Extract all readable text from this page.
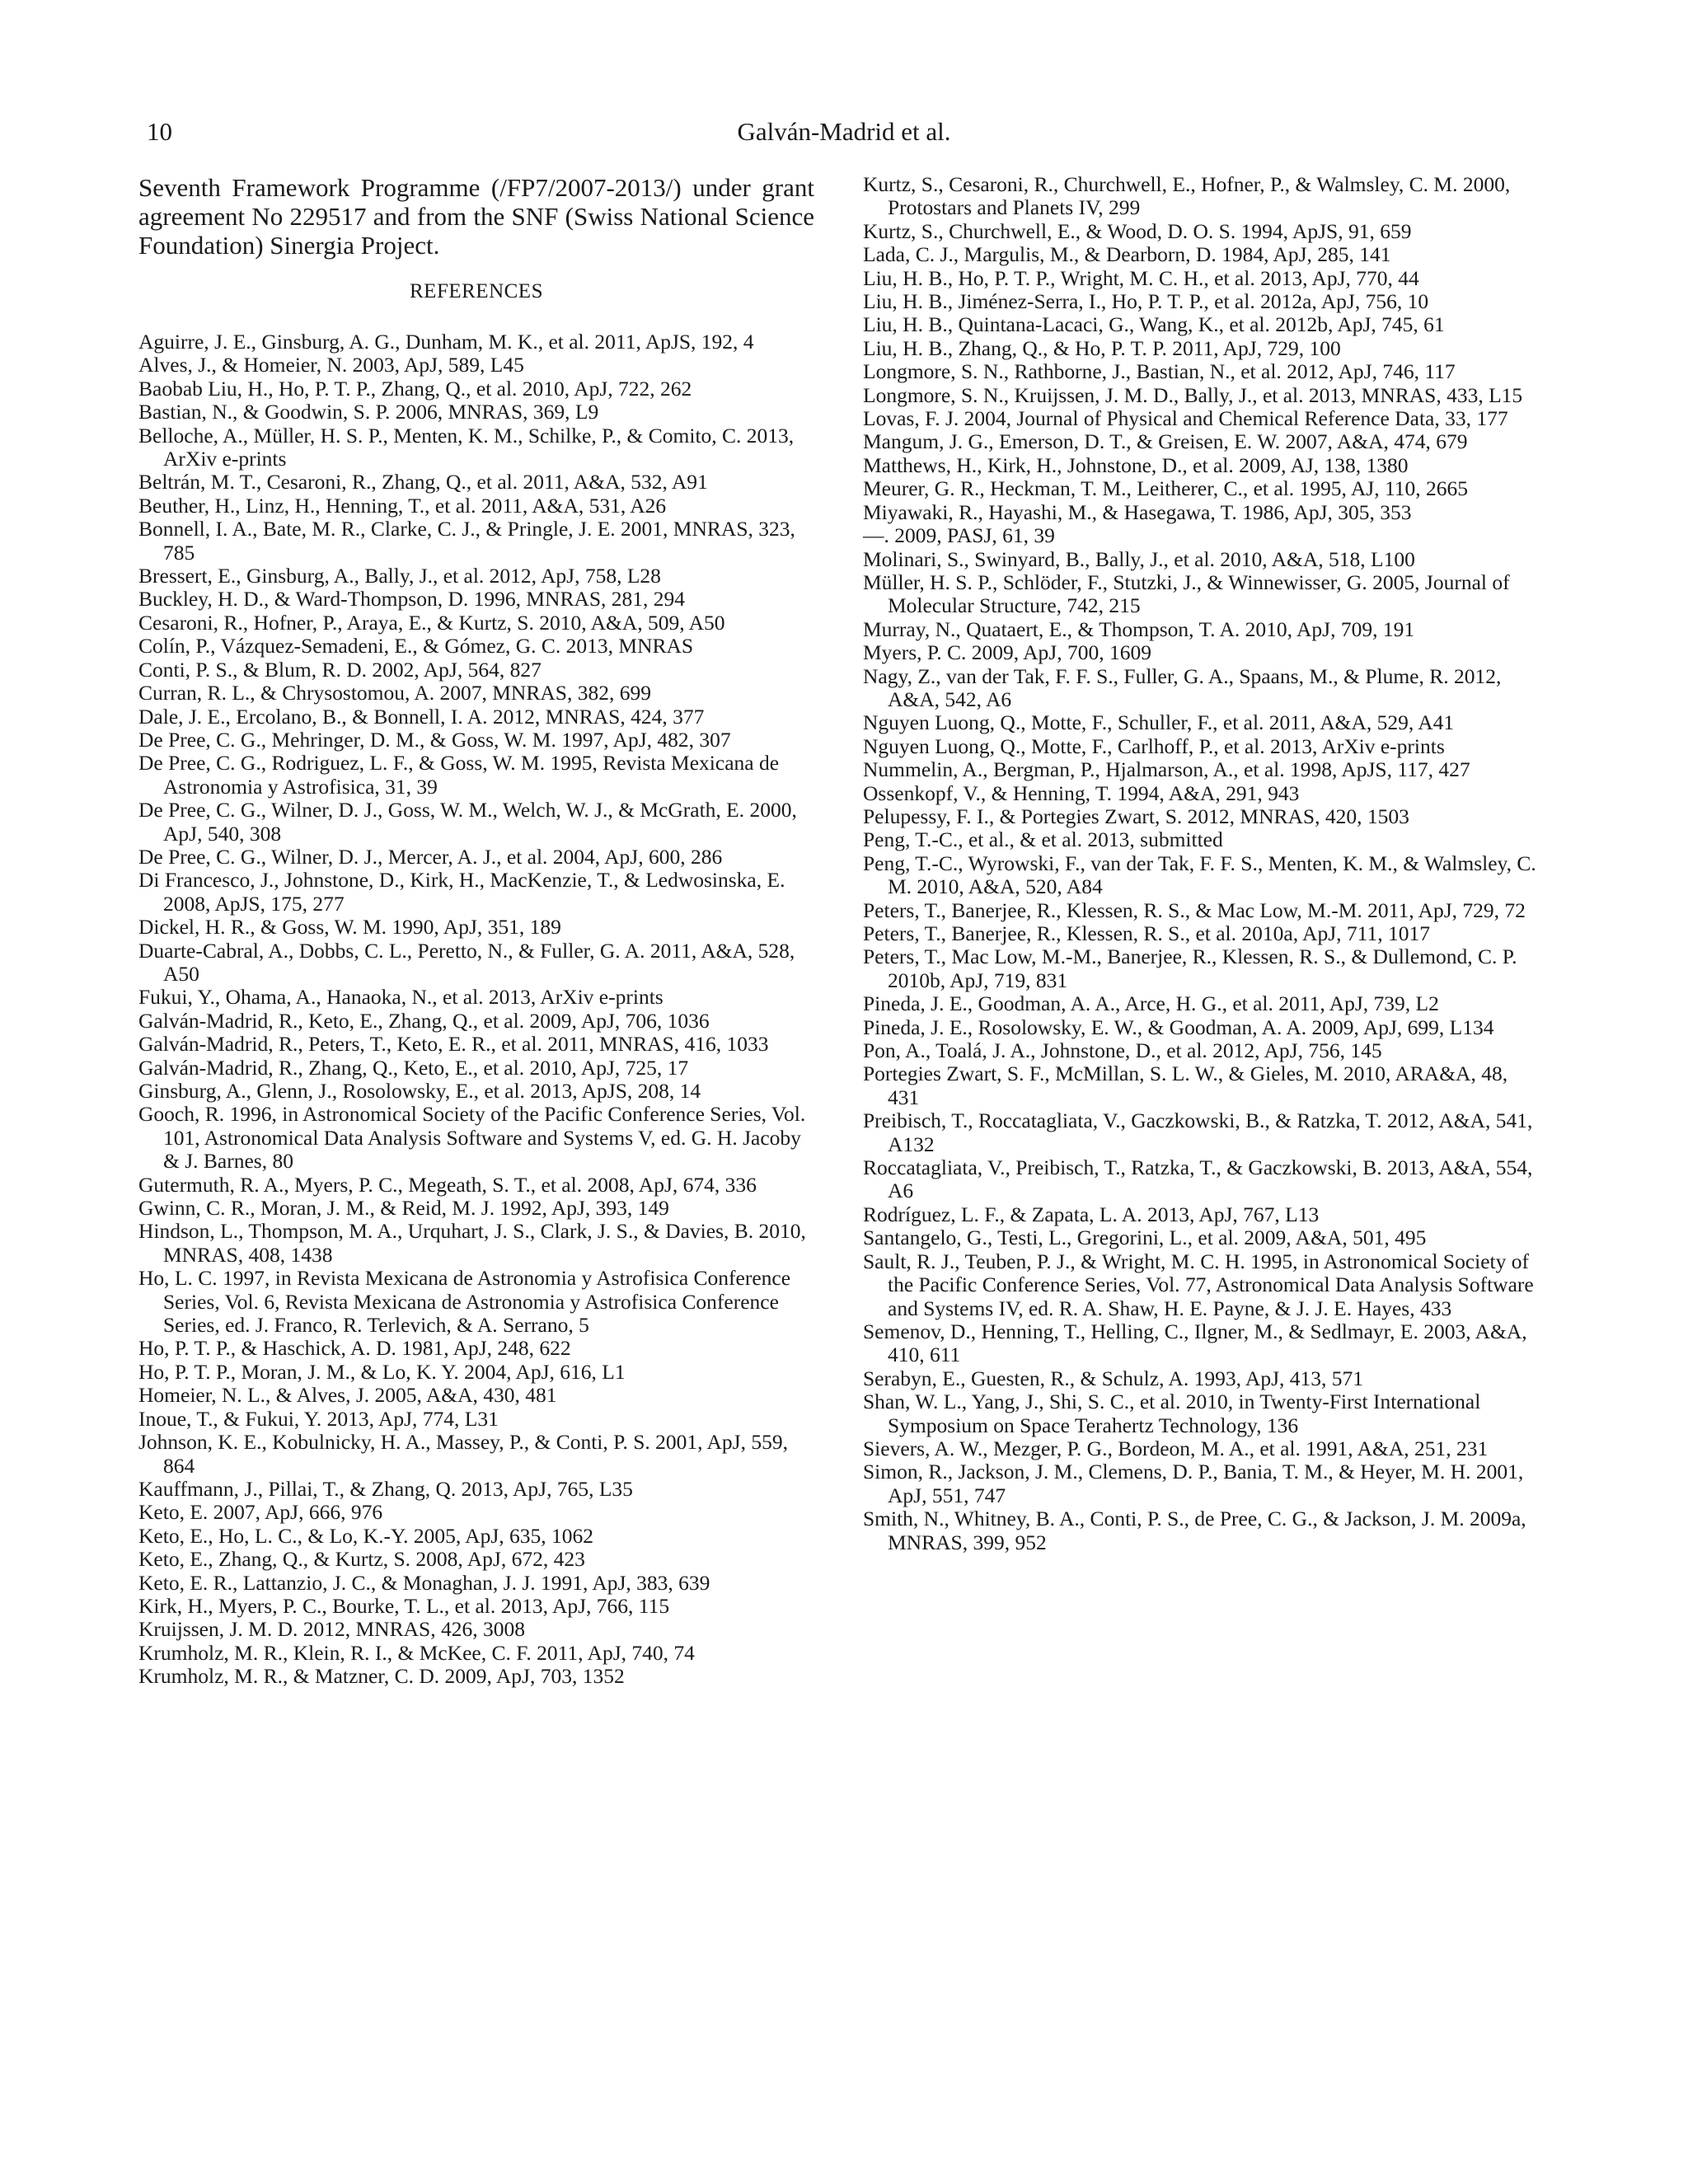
10	Galván-Madrid et al.

Seventh Framework Programme (/FP7/2007-2013/) under grant agreement No 229517 and from the SNF (Swiss National Science Foundation) Sinergia Project.

REFERENCES
Aguirre, J. E., Ginsburg, A. G., Dunham, M. K., et al. 2011, ApJS, 192, 4
Alves, J., & Homeier, N. 2003, ApJ, 589, L45
Baobab Liu, H., Ho, P. T. P., Zhang, Q., et al. 2010, ApJ, 722, 262
Bastian, N., & Goodwin, S. P. 2006, MNRAS, 369, L9
Belloche, A., Müller, H. S. P., Menten, K. M., Schilke, P., & Comito, C. 2013, ArXiv e-prints
Beltrán, M. T., Cesaroni, R., Zhang, Q., et al. 2011, A&A, 532, A91
Beuther, H., Linz, H., Henning, T., et al. 2011, A&A, 531, A26
Bonnell, I. A., Bate, M. R., Clarke, C. J., & Pringle, J. E. 2001, MNRAS, 323, 785
Bressert, E., Ginsburg, A., Bally, J., et al. 2012, ApJ, 758, L28
Buckley, H. D., & Ward-Thompson, D. 1996, MNRAS, 281, 294
Cesaroni, R., Hofner, P., Araya, E., & Kurtz, S. 2010, A&A, 509, A50
Colín, P., Vázquez-Semadeni, E., & Gómez, G. C. 2013, MNRAS
Conti, P. S., & Blum, R. D. 2002, ApJ, 564, 827
Curran, R. L., & Chrysostomou, A. 2007, MNRAS, 382, 699
Dale, J. E., Ercolano, B., & Bonnell, I. A. 2012, MNRAS, 424, 377
De Pree, C. G., Mehringer, D. M., & Goss, W. M. 1997, ApJ, 482, 307
De Pree, C. G., Rodriguez, L. F., & Goss, W. M. 1995, Revista Mexicana de Astronomia y Astrofisica, 31, 39
De Pree, C. G., Wilner, D. J., Goss, W. M., Welch, W. J., & McGrath, E. 2000, ApJ, 540, 308
De Pree, C. G., Wilner, D. J., Mercer, A. J., et al. 2004, ApJ, 600, 286
Di Francesco, J., Johnstone, D., Kirk, H., MacKenzie, T., & Ledwosinska, E. 2008, ApJS, 175, 277
Dickel, H. R., & Goss, W. M. 1990, ApJ, 351, 189
Duarte-Cabral, A., Dobbs, C. L., Peretto, N., & Fuller, G. A. 2011, A&A, 528, A50
Fukui, Y., Ohama, A., Hanaoka, N., et al. 2013, ArXiv e-prints
Galván-Madrid, R., Keto, E., Zhang, Q., et al. 2009, ApJ, 706, 1036
Galván-Madrid, R., Peters, T., Keto, E. R., et al. 2011, MNRAS, 416, 1033
Galván-Madrid, R., Zhang, Q., Keto, E., et al. 2010, ApJ, 725, 17
Ginsburg, A., Glenn, J., Rosolowsky, E., et al. 2013, ApJS, 208, 14
Gooch, R. 1996, in Astronomical Society of the Pacific Conference Series, Vol. 101, Astronomical Data Analysis Software and Systems V, ed. G. H. Jacoby & J. Barnes, 80
Gutermuth, R. A., Myers, P. C., Megeath, S. T., et al. 2008, ApJ, 674, 336
Gwinn, C. R., Moran, J. M., & Reid, M. J. 1992, ApJ, 393, 149
Hindson, L., Thompson, M. A., Urquhart, J. S., Clark, J. S., & Davies, B. 2010, MNRAS, 408, 1438
Ho, L. C. 1997, in Revista Mexicana de Astronomia y Astrofisica Conference Series, Vol. 6, Revista Mexicana de Astronomia y Astrofisica Conference Series, ed. J. Franco, R. Terlevich, & A. Serrano, 5
Ho, P. T. P., & Haschick, A. D. 1981, ApJ, 248, 622
Ho, P. T. P., Moran, J. M., & Lo, K. Y. 2004, ApJ, 616, L1
Homeier, N. L., & Alves, J. 2005, A&A, 430, 481
Inoue, T., & Fukui, Y. 2013, ApJ, 774, L31
Johnson, K. E., Kobulnicky, H. A., Massey, P., & Conti, P. S. 2001, ApJ, 559, 864
Kauffmann, J., Pillai, T., & Zhang, Q. 2013, ApJ, 765, L35
Keto, E. 2007, ApJ, 666, 976
Keto, E., Ho, L. C., & Lo, K.-Y. 2005, ApJ, 635, 1062
Keto, E., Zhang, Q., & Kurtz, S. 2008, ApJ, 672, 423
Keto, E. R., Lattanzio, J. C., & Monaghan, J. J. 1991, ApJ, 383, 639
Kirk, H., Myers, P. C., Bourke, T. L., et al. 2013, ApJ, 766, 115
Kruijssen, J. M. D. 2012, MNRAS, 426, 3008
Krumholz, M. R., Klein, R. I., & McKee, C. F. 2011, ApJ, 740, 74
Krumholz, M. R., & Matzner, C. D. 2009, ApJ, 703, 1352
Kurtz, S., Cesaroni, R., Churchwell, E., Hofner, P., & Walmsley, C. M. 2000, Protostars and Planets IV, 299
Kurtz, S., Churchwell, E., & Wood, D. O. S. 1994, ApJS, 91, 659
Lada, C. J., Margulis, M., & Dearborn, D. 1984, ApJ, 285, 141
Liu, H. B., Ho, P. T. P., Wright, M. C. H., et al. 2013, ApJ, 770, 44
Liu, H. B., Jiménez-Serra, I., Ho, P. T. P., et al. 2012a, ApJ, 756, 10
Liu, H. B., Quintana-Lacaci, G., Wang, K., et al. 2012b, ApJ, 745, 61
Liu, H. B., Zhang, Q., & Ho, P. T. P. 2011, ApJ, 729, 100
Longmore, S. N., Rathborne, J., Bastian, N., et al. 2012, ApJ, 746, 117
Longmore, S. N., Kruijssen, J. M. D., Bally, J., et al. 2013, MNRAS, 433, L15
Lovas, F. J. 2004, Journal of Physical and Chemical Reference Data, 33, 177
Mangum, J. G., Emerson, D. T., & Greisen, E. W. 2007, A&A, 474, 679
Matthews, H., Kirk, H., Johnstone, D., et al. 2009, AJ, 138, 1380
Meurer, G. R., Heckman, T. M., Leitherer, C., et al. 1995, AJ, 110, 2665
Miyawaki, R., Hayashi, M., & Hasegawa, T. 1986, ApJ, 305, 353
—. 2009, PASJ, 61, 39
Molinari, S., Swinyard, B., Bally, J., et al. 2010, A&A, 518, L100
Müller, H. S. P., Schlöder, F., Stutzki, J., & Winnewisser, G. 2005, Journal of Molecular Structure, 742, 215
Murray, N., Quataert, E., & Thompson, T. A. 2010, ApJ, 709, 191
Myers, P. C. 2009, ApJ, 700, 1609
Nagy, Z., van der Tak, F. F. S., Fuller, G. A., Spaans, M., & Plume, R. 2012, A&A, 542, A6
Nguyen Luong, Q., Motte, F., Schuller, F., et al. 2011, A&A, 529, A41
Nguyen Luong, Q., Motte, F., Carlhoff, P., et al. 2013, ArXiv e-prints
Nummelin, A., Bergman, P., Hjalmarson, A., et al. 1998, ApJS, 117, 427
Ossenkopf, V., & Henning, T. 1994, A&A, 291, 943
Pelupessy, F. I., & Portegies Zwart, S. 2012, MNRAS, 420, 1503
Peng, T.-C., et al., & et al. 2013, submitted
Peng, T.-C., Wyrowski, F., van der Tak, F. F. S., Menten, K. M., & Walmsley, C. M. 2010, A&A, 520, A84
Peters, T., Banerjee, R., Klessen, R. S., & Mac Low, M.-M. 2011, ApJ, 729, 72
Peters, T., Banerjee, R., Klessen, R. S., et al. 2010a, ApJ, 711, 1017
Peters, T., Mac Low, M.-M., Banerjee, R., Klessen, R. S., & Dullemond, C. P. 2010b, ApJ, 719, 831
Pineda, J. E., Goodman, A. A., Arce, H. G., et al. 2011, ApJ, 739, L2
Pineda, J. E., Rosolowsky, E. W., & Goodman, A. A. 2009, ApJ, 699, L134
Pon, A., Toalá, J. A., Johnstone, D., et al. 2012, ApJ, 756, 145
Portegies Zwart, S. F., McMillan, S. L. W., & Gieles, M. 2010, ARA&A, 48, 431
Preibisch, T., Roccatagliata, V., Gaczkowski, B., & Ratzka, T. 2012, A&A, 541, A132
Roccatagliata, V., Preibisch, T., Ratzka, T., & Gaczkowski, B. 2013, A&A, 554, A6
Rodríguez, L. F., & Zapata, L. A. 2013, ApJ, 767, L13
Santangelo, G., Testi, L., Gregorini, L., et al. 2009, A&A, 501, 495
Sault, R. J., Teuben, P. J., & Wright, M. C. H. 1995, in Astronomical Society of the Pacific Conference Series, Vol. 77, Astronomical Data Analysis Software and Systems IV, ed. R. A. Shaw, H. E. Payne, & J. J. E. Hayes, 433
Semenov, D., Henning, T., Helling, C., Ilgner, M., & Sedlmayr, E. 2003, A&A, 410, 611
Serabyn, E., Guesten, R., & Schulz, A. 1993, ApJ, 413, 571
Shan, W. L., Yang, J., Shi, S. C., et al. 2010, in Twenty-First International Symposium on Space Terahertz Technology, 136
Sievers, A. W., Mezger, P. G., Bordeon, M. A., et al. 1991, A&A, 251, 231
Simon, R., Jackson, J. M., Clemens, D. P., Bania, T. M., & Heyer, M. H. 2001, ApJ, 551, 747
Smith, N., Whitney, B. A., Conti, P. S., de Pree, C. G., & Jackson, J. M. 2009a, MNRAS, 399, 952
